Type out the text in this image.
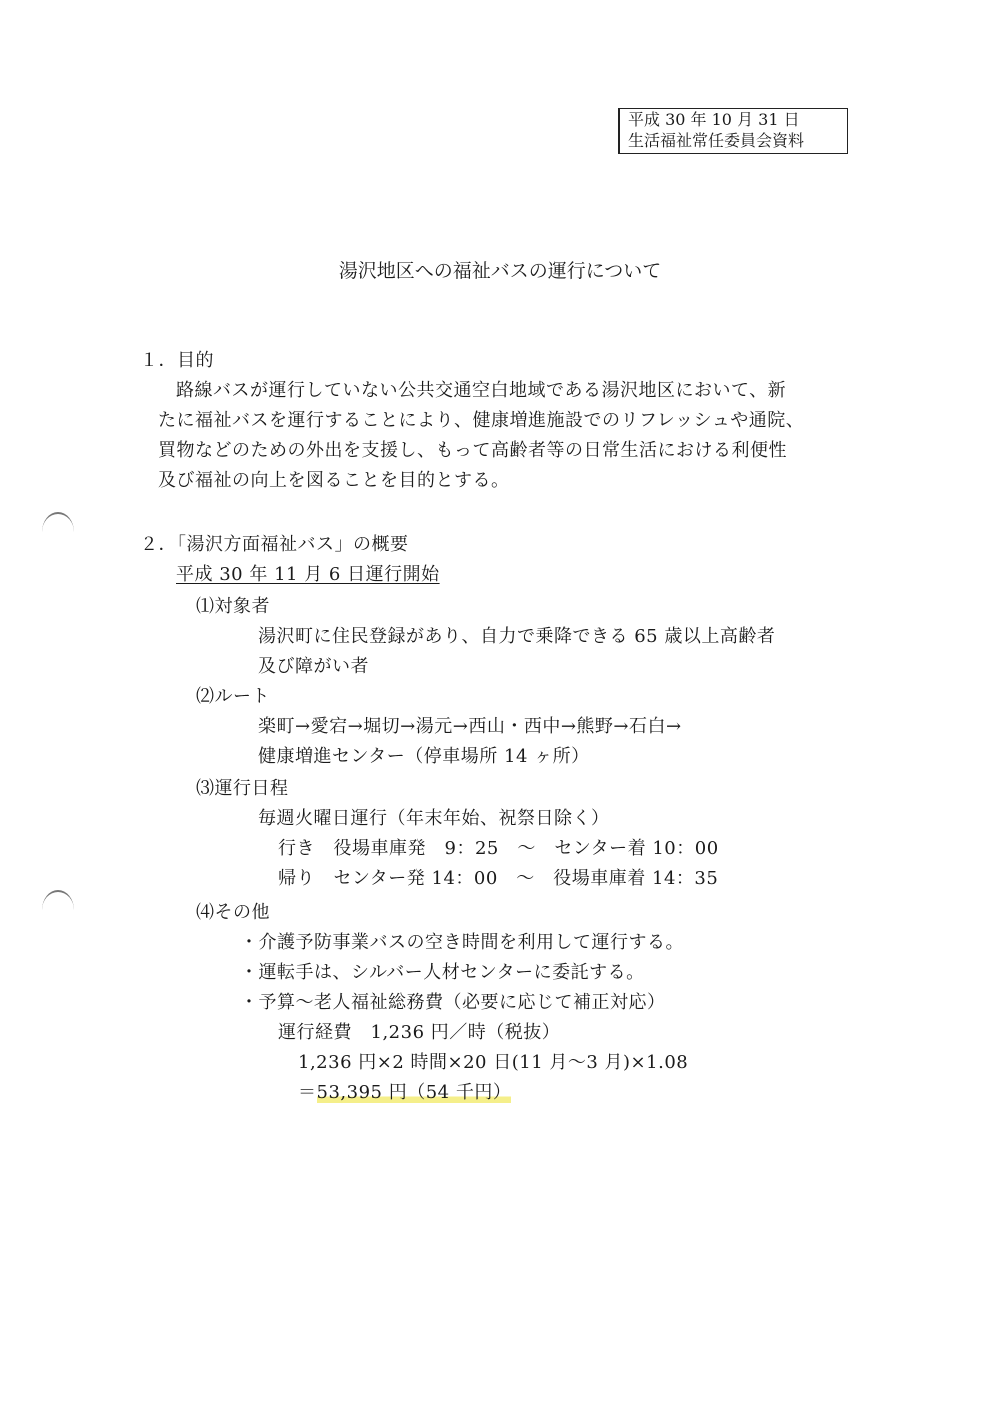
平成 30 年 10 月 31 日
生活福祉常任委員会資料
湯沢地区への福祉バスの運行について
１．目的
路線バスが運行していない公共交通空白地域である湯沢地区において、新
たに福祉バスを運行することにより、健康増進施設でのリフレッシュや通院、
買物などのための外出を支援し、もって高齢者等の日常生活における利便性
及び福祉の向上を図ることを目的とする。
２．「湯沢方面福祉バス」の概要
平成 30 年 11 月 6 日運行開始
⑴対象者
湯沢町に住民登録があり、自力で乗降できる 65 歳以上高齢者
及び障がい者
⑵ルート
楽町→愛宕→堀切→湯元→西山・西中→熊野→石白→
健康増進センター（停車場所 14 ヶ所）
⑶運行日程
毎週火曜日運行（年末年始、祝祭日除く）
行き　役場車庫発　9：25　～　センター着 10：00
帰り　センター発 14：00　～　役場車庫着 14：35
⑷その他
・介護予防事業バスの空き時間を利用して運行する。
・運転手は、シルバー人材センターに委託する。
・予算～老人福祉総務費（必要に応じて補正対応）
運行経費　1,236 円／時（税抜）
1,236 円×2 時間×20 日(11 月～3 月)×1.08
＝53,395 円（54 千円）
